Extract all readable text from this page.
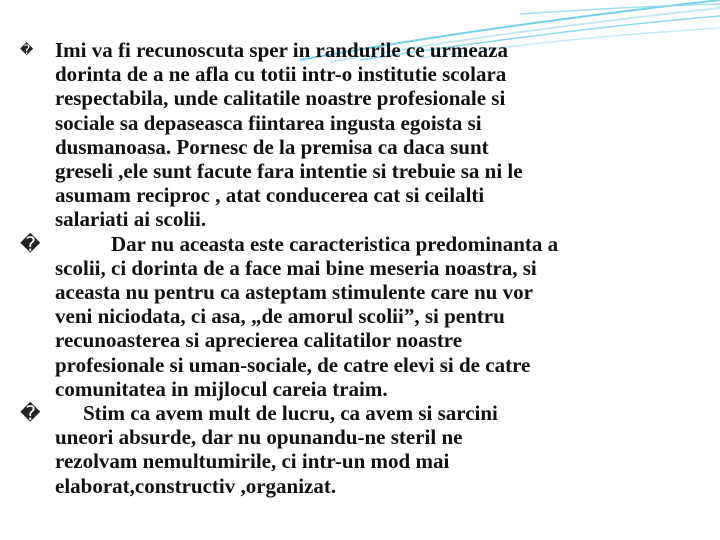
� Imi va fi recunoscuta sper in randurile ce urmeaza
dorinta de a ne afla cu totii intr-o institutie scolara
respectabila, unde calitatile noastre profesionale si
sociale sa depaseasca fiintarea ingusta egoista si
dusmanoasa. Pornesc de la premisa ca daca sunt
greseli ,ele sunt facute fara intentie si trebuie sa ni le
asumam reciproc , atat conducerea cat si ceilalti
salariati ai scolii.

�	Dar nu aceasta este caracteristica predominanta a
scolii, ci dorinta de a face mai bine meseria noastra, si
aceasta nu pentru ca asteptam stimulente care nu vor
veni niciodata, ci asa, „de amorul scolii”, si pentru
recunoasterea si aprecierea calitatilor noastre
profesionale si uman-sociale, de catre elevi si de catre
comunitatea in mijlocul careia traim.

� Stim ca avem mult de lucru, ca avem si sarcini
uneori absurde, dar nu opunandu-ne steril ne
rezolvam nemultumirile, ci intr-un mod mai
elaborat,constructiv ,organizat.
